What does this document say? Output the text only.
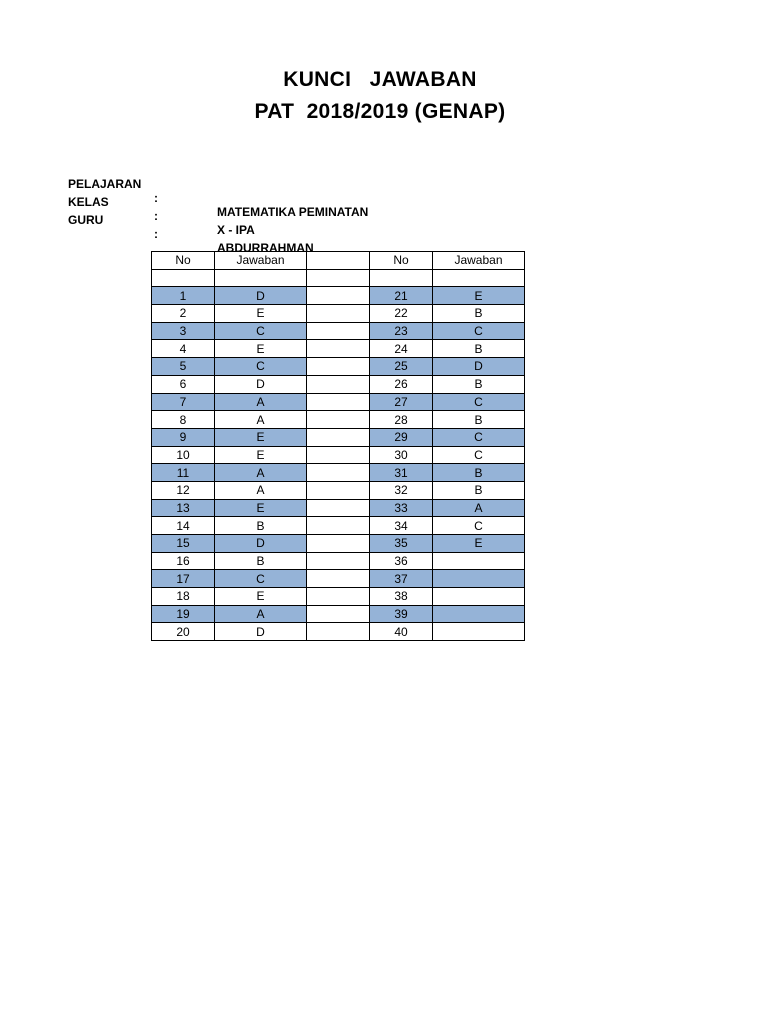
KUNCI   JAWABAN
PAT  2018/2019 (GENAP)

PELAJARAN

:

MATEMATIKA PEMINATAN

KELAS

:

X - IPA

GURU

:

ABDURRAHMAN

No	Jawaban		No	Jawaban

1	D		21	E
2	E		22	B
3	C		23	C
4	E		24	B
5	C		25	D
6	D		26	B
7	A		27	C
8	A		28	B
9	E		29	C
10	E		30	C
11	A		31	B
12	A		32	B
13	E		33	A
14	B		34	C
15	D		35	E
16	B		36	
17	C		37	
18	E		38	
19	A		39	
20	D		40	
